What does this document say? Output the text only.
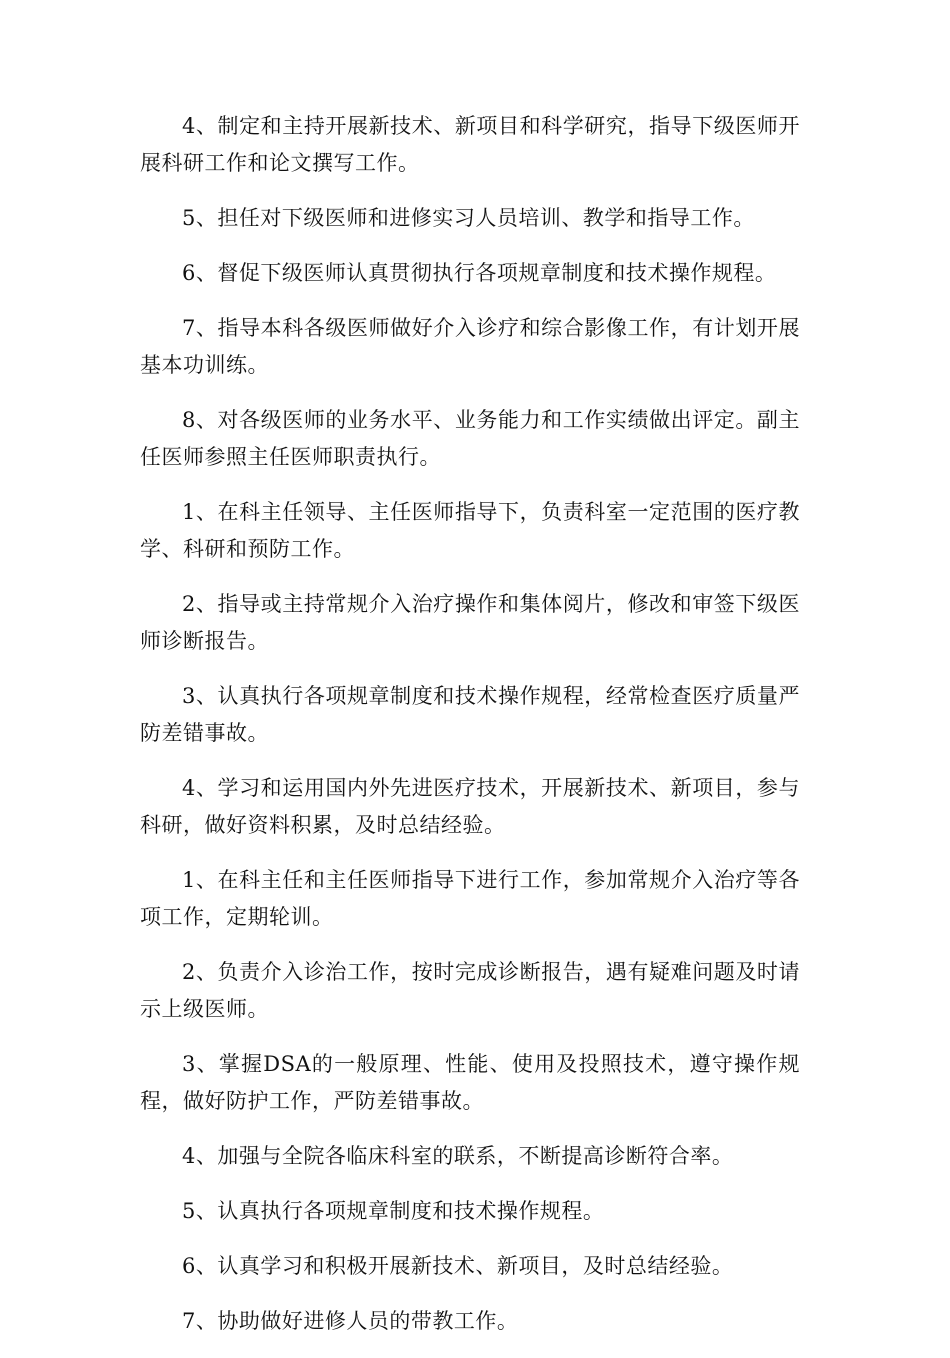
4、制定和主持开展新技术、新项目和科学研究，指导下级医师开展科研工作和论文撰写工作。

5、担任对下级医师和进修实习人员培训、教学和指导工作。

6、督促下级医师认真贯彻执行各项规章制度和技术操作规程。

7、指导本科各级医师做好介入诊疗和综合影像工作，有计划开展基本功训练。

8、对各级医师的业务水平、业务能力和工作实绩做出评定。副主任医师参照主任医师职责执行。

1、在科主任领导、主任医师指导下，负责科室一定范围的医疗教学、科研和预防工作。

2、指导或主持常规介入治疗操作和集体阅片，修改和审签下级医师诊断报告。

3、认真执行各项规章制度和技术操作规程，经常检查医疗质量严防差错事故。

4、学习和运用国内外先进医疗技术，开展新技术、新项目，参与科研，做好资料积累，及时总结经验。

1、在科主任和主任医师指导下进行工作，参加常规介入治疗等各项工作，定期轮训。

2、负责介入诊治工作，按时完成诊断报告，遇有疑难问题及时请示上级医师。

3、掌握DSA的一般原理、性能、使用及投照技术，遵守操作规程，做好防护工作，严防差错事故。

4、加强与全院各临床科室的联系，不断提高诊断符合率。

5、认真执行各项规章制度和技术操作规程。

6、认真学习和积极开展新技术、新项目，及时总结经验。

7、协助做好进修人员的带教工作。
